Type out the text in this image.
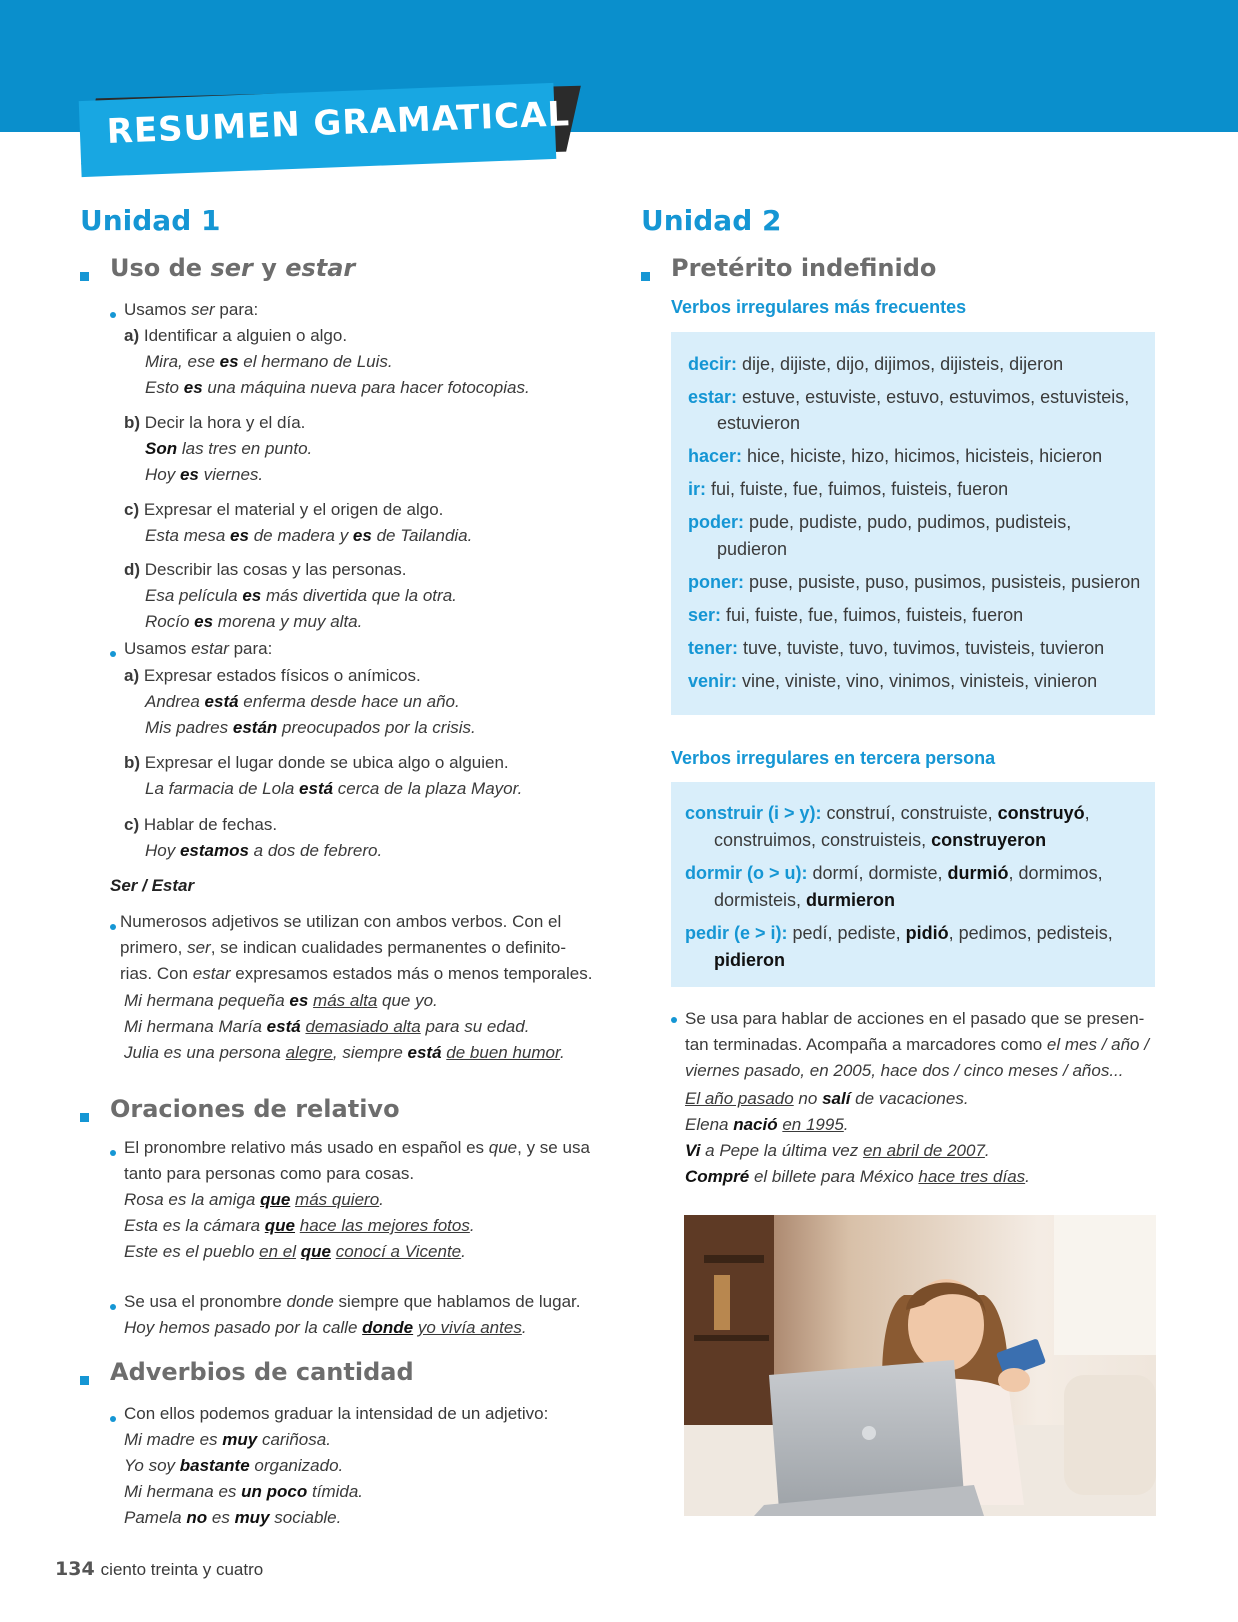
RESUMEN GRAMATICAL
Unidad 1
Uso de ser y estar
Usamos ser para:
a) Identificar a alguien o algo.
Mira, ese es el hermano de Luis.
Esto es una máquina nueva para hacer fotocopias.
b) Decir la hora y el día.
Son las tres en punto.
Hoy es viernes.
c) Expresar el material y el origen de algo.
Esta mesa es de madera y es de Tailandia.
d) Describir las cosas y las personas.
Esa película es más divertida que la otra.
Rocío es morena y muy alta.
Usamos estar para:
a) Expresar estados físicos o anímicos.
Andrea está enferma desde hace un año.
Mis padres están preocupados por la crisis.
b) Expresar el lugar donde se ubica algo o alguien.
La farmacia de Lola está cerca de la plaza Mayor.
c) Hablar de fechas.
Hoy estamos a dos de febrero.
Ser / Estar
Numerosos adjetivos se utilizan con ambos verbos. Con el
primero, ser, se indican cualidades permanentes o definito-
rias. Con estar expresamos estados más o menos temporales.
Mi hermana pequeña es más alta que yo.
Mi hermana María está demasiado alta para su edad.
Julia es una persona alegre, siempre está de buen humor.
Oraciones de relativo
El pronombre relativo más usado en español es que, y se usa
tanto para personas como para cosas.
Rosa es la amiga que más quiero.
Esta es la cámara que hace las mejores fotos.
Este es el pueblo en el que conocí a Vicente.
Se usa el pronombre donde siempre que hablamos de lugar.
Hoy hemos pasado por la calle donde yo vivía antes.
Adverbios de cantidad
Con ellos podemos graduar la intensidad de un adjetivo:
Mi madre es muy cariñosa.
Yo soy bastante organizado.
Mi hermana es un poco tímida.
Pamela no es muy sociable.
Unidad 2
Pretérito indefinido
Verbos irregulares más frecuentes
decir: dije, dijiste, dijo, dijimos, dijisteis, dijeron
estar: estuve, estuviste, estuvo, estuvimos, estuvisteis,
estuvieron
hacer: hice, hiciste, hizo, hicimos, hicisteis, hicieron
ir: fui, fuiste, fue, fuimos, fuisteis, fueron
poder: pude, pudiste, pudo, pudimos, pudisteis,
pudieron
poner: puse, pusiste, puso, pusimos, pusisteis, pusieron
ser: fui, fuiste, fue, fuimos, fuisteis, fueron
tener: tuve, tuviste, tuvo, tuvimos, tuvisteis, tuvieron
venir: vine, viniste, vino, vinimos, vinisteis, vinieron
Verbos irregulares en tercera persona
construir (i > y): construí, construiste, construyó,
construimos, construisteis, construyeron
dormir (o > u): dormí, dormiste, durmió, dormimos,
dormisteis, durmieron
pedir (e > i): pedí, pediste, pidió, pedimos, pedisteis,
pidieron
Se usa para hablar de acciones en el pasado que se presen-
tan terminadas. Acompaña a marcadores como el mes / año /
viernes pasado, en 2005, hace dos / cinco meses / años...
El año pasado no salí de vacaciones.
Elena nació en 1995.
Vi a Pepe la última vez en abril de 2007.
Compré el billete para México hace tres días.
134 ciento treinta y cuatro
